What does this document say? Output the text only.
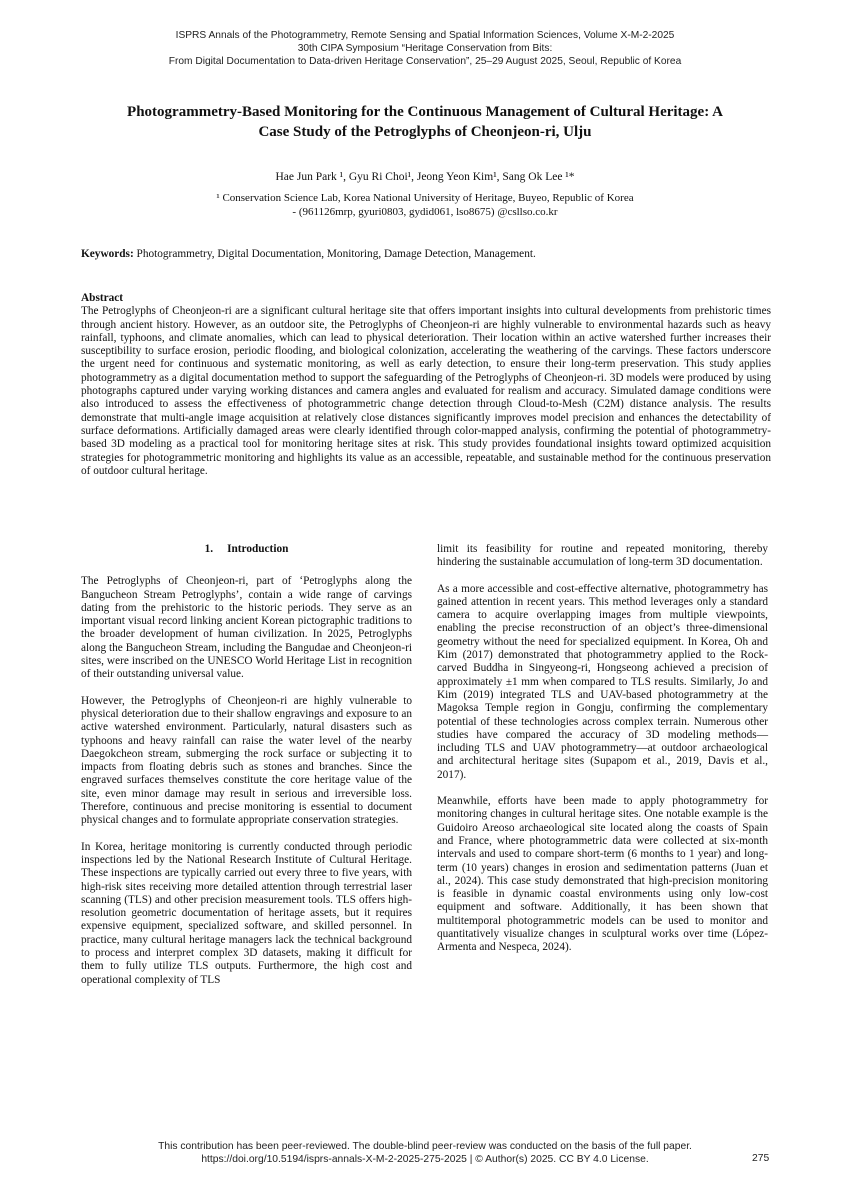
ISPRS Annals of the Photogrammetry, Remote Sensing and Spatial Information Sciences, Volume X-M-2-2025
30th CIPA Symposium “Heritage Conservation from Bits:
From Digital Documentation to Data-driven Heritage Conservation”, 25–29 August 2025, Seoul, Republic of Korea
Photogrammetry-Based Monitoring for the Continuous Management of Cultural Heritage: A
Case Study of the Petroglyphs of Cheonjeon-ri, Ulju
Hae Jun Park ¹, Gyu Ri Choi¹, Jeong Yeon Kim¹, Sang Ok Lee ¹*
¹ Conservation Science Lab, Korea National University of Heritage, Buyeo, Republic of Korea
- (961126mrp, gyuri0803, gydid061, lso8675) @csllso.co.kr
Keywords: Photogrammetry, Digital Documentation, Monitoring, Damage Detection, Management.
Abstract
The Petroglyphs of Cheonjeon-ri are a significant cultural heritage site that offers important insights into cultural developments from prehistoric times through ancient history. However, as an outdoor site, the Petroglyphs of Cheonjeon-ri are highly vulnerable to environmental hazards such as heavy rainfall, typhoons, and climate anomalies, which can lead to physical deterioration. Their location within an active watershed further increases their susceptibility to surface erosion, periodic flooding, and biological colonization, accelerating the weathering of the carvings. These factors underscore the urgent need for continuous and systematic monitoring, as well as early detection, to ensure their long-term preservation. This study applies photogrammetry as a digital documentation method to support the safeguarding of the Petroglyphs of Cheonjeon-ri. 3D models were produced by using photographs captured under varying working distances and camera angles and evaluated for realism and accuracy. Simulated damage conditions were also introduced to assess the effectiveness of photogrammetric change detection through Cloud-to-Mesh (C2M) distance analysis. The results demonstrate that multi-angle image acquisition at relatively close distances significantly improves model precision and enhances the detectability of surface deformations. Artificially damaged areas were clearly identified through color-mapped analysis, confirming the potential of photogrammetry-based 3D modeling as a practical tool for monitoring heritage sites at risk. This study provides foundational insights toward optimized acquisition strategies for photogrammetric monitoring and highlights its value as an accessible, repeatable, and sustainable method for the continuous preservation of outdoor cultural heritage.
1. Introduction

The Petroglyphs of Cheonjeon-ri, part of ‘Petroglyphs along the Bangucheon Stream Petroglyphs’, contain a wide range of carvings dating from the prehistoric to the historic periods. They serve as an important visual record linking ancient Korean pictographic traditions to the broader development of human civilization. In 2025, Petroglyphs along the Bangucheon Stream, including the Bangudae and Cheonjeon-ri sites, were inscribed on the UNESCO World Heritage List in recognition of their outstanding universal value.

However, the Petroglyphs of Cheonjeon-ri are highly vulnerable to physical deterioration due to their shallow engravings and exposure to an active watershed environment. Particularly, natural disasters such as typhoons and heavy rainfall can raise the water level of the nearby Daegokcheon stream, submerging the rock surface or subjecting it to impacts from floating debris such as stones and branches. Since the engraved surfaces themselves constitute the core heritage value of the site, even minor damage may result in serious and irreversible loss. Therefore, continuous and precise monitoring is essential to document physical changes and to formulate appropriate conservation strategies.

In Korea, heritage monitoring is currently conducted through periodic inspections led by the National Research Institute of Cultural Heritage. These inspections are typically carried out every three to five years, with high-risk sites receiving more detailed attention through terrestrial laser scanning (TLS) and other precision measurement tools. TLS offers high-resolution geometric documentation of heritage assets, but it requires expensive equipment, specialized software, and skilled personnel. In practice, many cultural heritage managers lack the technical background to process and interpret complex 3D datasets, making it difficult for them to fully utilize TLS outputs. Furthermore, the high cost and operational complexity of TLS

limit its feasibility for routine and repeated monitoring, thereby hindering the sustainable accumulation of long-term 3D documentation.

As a more accessible and cost-effective alternative, photogrammetry has gained attention in recent years. This method leverages only a standard camera to acquire overlapping images from multiple viewpoints, enabling the precise reconstruction of an object’s three-dimensional geometry without the need for specialized equipment. In Korea, Oh and Kim (2017) demonstrated that photogrammetry applied to the Rock-carved Buddha in Singyeong-ri, Hongseong achieved a precision of approximately ±1 mm when compared to TLS results. Similarly, Jo and Kim (2019) integrated TLS and UAV-based photogrammetry at the Magoksa Temple region in Gongju, confirming the complementary potential of these technologies across complex terrain. Numerous other studies have compared the accuracy of 3D modeling methods—including TLS and UAV photogrammetry—at outdoor archaeological and architectural heritage sites (Supapom et al., 2019, Davis et al., 2017).

Meanwhile, efforts have been made to apply photogrammetry for monitoring changes in cultural heritage sites. One notable example is the Guidoiro Areoso archaeological site located along the coasts of Spain and France, where photogrammetric data were collected at six-month intervals and used to compare short-term (6 months to 1 year) and long-term (10 years) changes in erosion and sedimentation patterns (Juan et al., 2024). This case study demonstrated that high-precision monitoring is feasible in dynamic coastal environments using only low-cost equipment and software. Additionally, it has been shown that multitemporal photogrammetric models can be used to monitor and quantitatively visualize changes in sculptural works over time (López-Armenta and Nespeca, 2024).

This contribution has been peer-reviewed. The double-blind peer-review was conducted on the basis of the full paper.
https://doi.org/10.5194/isprs-annals-X-M-2-2025-275-2025 | © Author(s) 2025. CC BY 4.0 License.	275
